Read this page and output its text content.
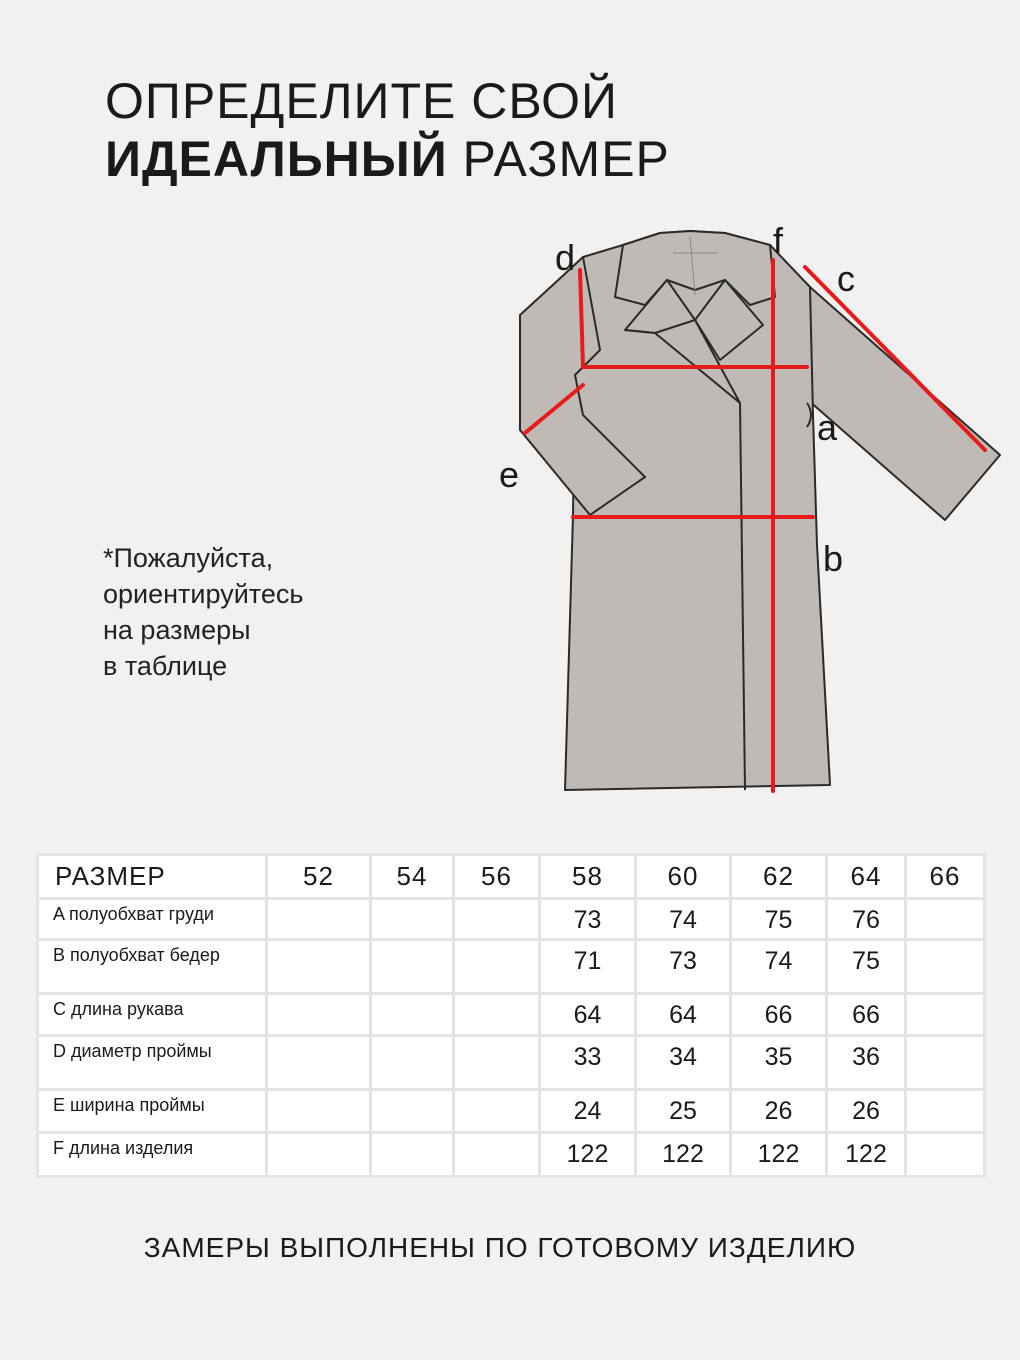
ОПРЕДЕЛИТЕ СВОЙ
ИДЕАЛЬНЫЙ РАЗМЕР
*Пожалуйста,
ориентируйтесь
на размеры
в таблице
d	f
c
a
e
b
РАЗМЕР	52	54	56	58	60	62	64	66
A полуобхват груди				73	74	75	76	
B полуобхват бедер				71	73	74	75	
C длина рукава				64	64	66	66	
D диаметр проймы				33	34	35	36	
E ширина проймы				24	25	26	26	
F длина изделия				122	122	122	122	
ЗАМЕРЫ ВЫПОЛНЕНЫ ПО ГОТОВОМУ ИЗДЕЛИЮ
